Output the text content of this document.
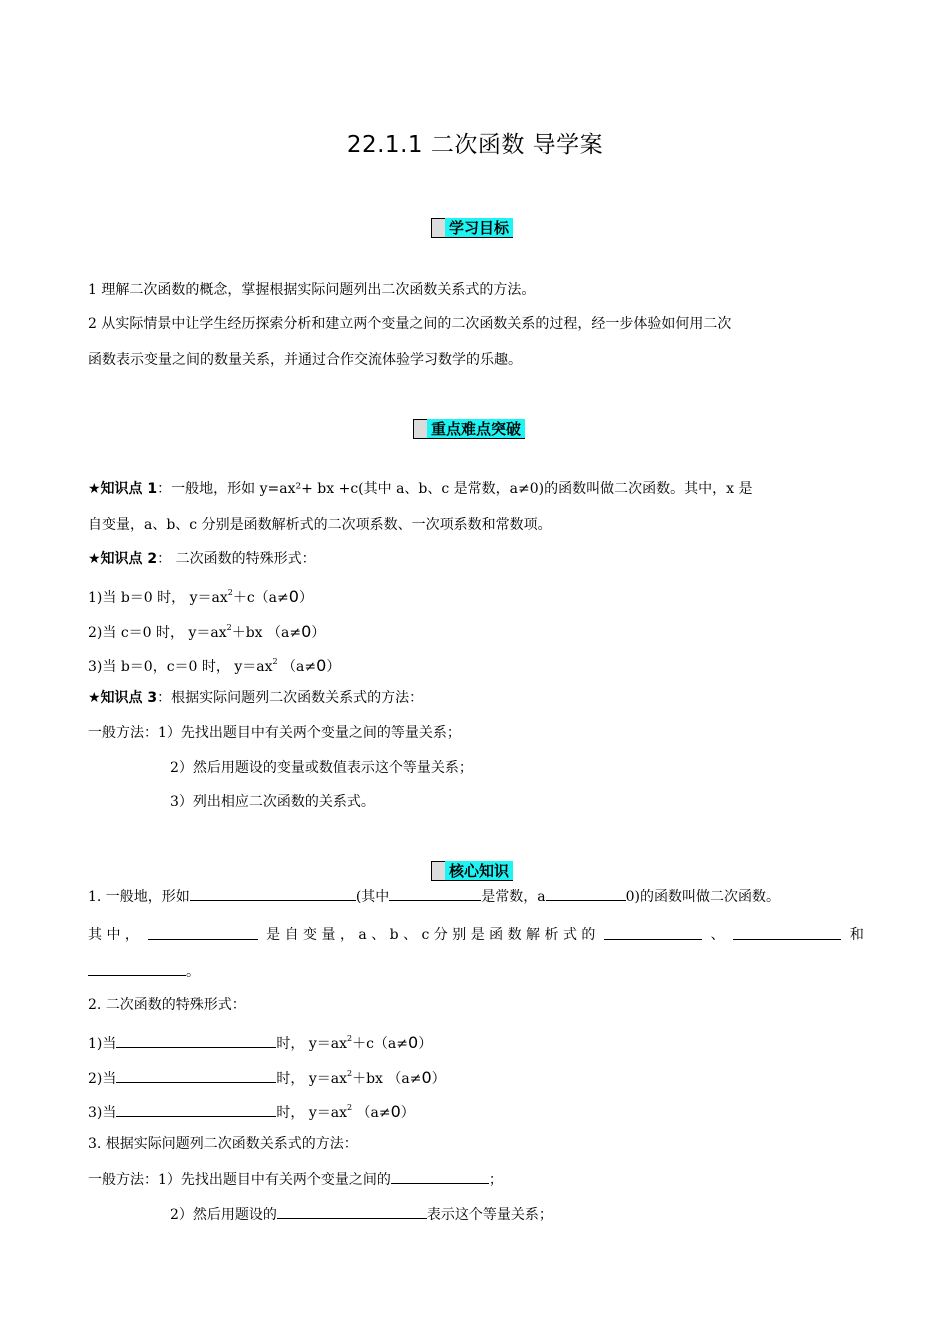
22.1.1 二次函数 导学案
学习目标
1 理解二次函数的概念，掌握根据实际问题列出二次函数关系式的方法。
2 从实际情景中让学生经历探索分析和建立两个变量之间的二次函数关系的过程，经一步体验如何用二次
函数表示变量之间的数量关系，并通过合作交流体验学习数学的乐趣。
重点难点突破
★知识点 1：一般地，形如 y=ax²+ bx +c(其中 a、b、c 是常数，a≠0)的函数叫做二次函数。其中，x 是
自变量，a、b、c 分别是函数解析式的二次项系数、一次项系数和常数项。
★知识点 2： 二次函数的特殊形式：
1)当 b＝0 时， $y=ax^2+c(a\ne 0)$
2)当 c＝0 时， $y=ax^2+bx$ （a≠0）
3)当 b＝0，c＝0 时， $y=ax^2$ （a≠0）
★知识点 3：根据实际问题列二次函数关系式的方法：
一般方法：1）先找出题目中有关两个变量之间的等量关系；
2）然后用题设的变量或数值表示这个等量关系；
3）列出相应二次函数的关系式。
核心知识
1. 一般地，形如	(其中	是常数，a	0)的函数叫做二次函数。
其 中 ，	是 自 变 量 ， a 、 b 、 c 分 别 是 函 数 解 析 式 的	、	和
。
2. 二次函数的特殊形式：
1)当	时， $y=ax^2+c(a\ne 0)$
2)当	时， $y=ax^2+bx$ （a≠0）
3)当	时， $y=ax^2$ （a≠0）
3. 根据实际问题列二次函数关系式的方法：
一般方法：1）先找出题目中有关两个变量之间的	；
2）然后用题设的	表示这个等量关系；
